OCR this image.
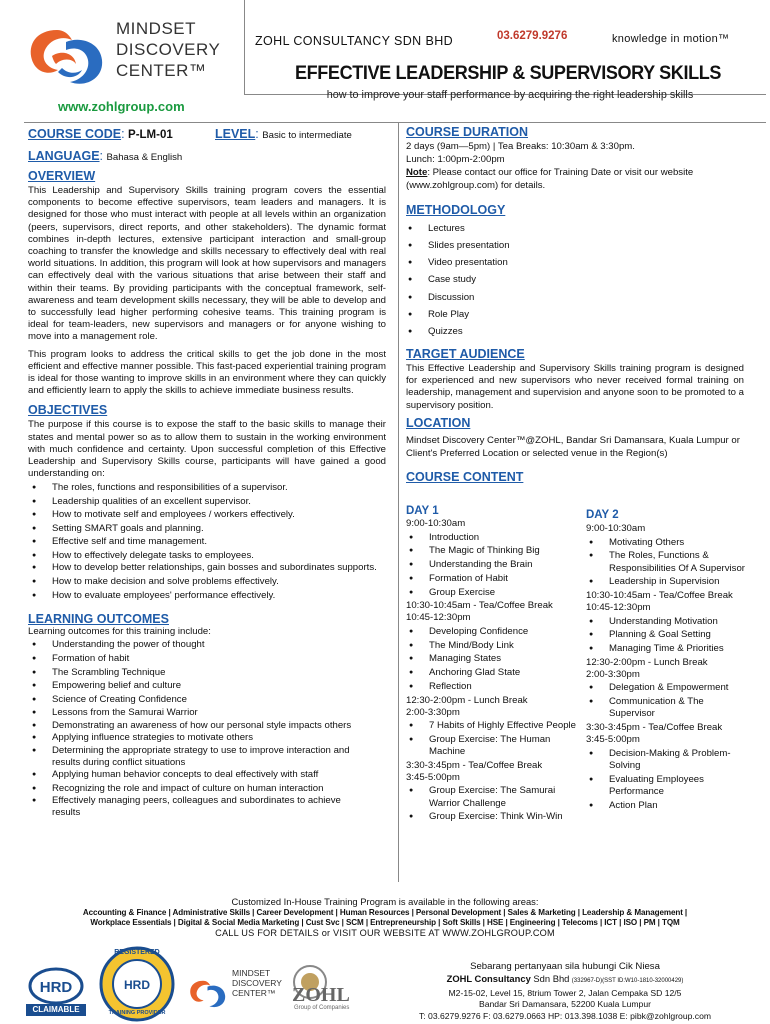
MINDSET
DISCOVERY
CENTER™
www.zohlgroup.com
ZOHL CONSULTANCY SDN BHD	03.6279.9276	knowledge in motion™
EFFECTIVE LEADERSHIP & SUPERVISORY SKILLS
how to improve your staff performance by acquiring the right leadership skills
COURSE CODE: P-LM-01	LEVEL: Basic to intermediate
LANGUAGE: Bahasa & English
OVERVIEW

This Leadership and Supervisory Skills training program covers the essential components to become effective supervisors, team leaders and managers. It is designed for those who must interact with people at all levels within an organization (peers, supervisors, direct reports, and other stakeholders). The dynamic format combines in-depth lectures, extensive participant interaction and small-group coaching to transfer the knowledge and skills necessary to effectively deal with real world situations. In addition, this program will look at how supervisors and managers can effectively deal with the various situations that arise between their staff and within their teams. By providing participants with the conceptual framework, self-awareness and team development skills necessary, they will be able to develop and to successfully lead higher performing cohesive teams. This training program is ideal for team-leaders, new supervisors and managers or for anyone wishing to move into a management role.

This program looks to address the critical skills to get the job done in the most efficient and effective manner possible. This fast-paced experiential training program is ideal for those wanting to improve skills in an environment where they can quickly and efficiently learn to apply the skills to achieve immediate business results.

OBJECTIVES

The purpose if this course is to expose the staff to the basic skills to manage their states and mental power so as to allow them to sustain in the working environment with much confidence and certainty. Upon successful completion of this Effective Leadership and Supervisory Skills course, participants will have gained a good understanding on:

● The roles, functions and responsibilities of a supervisor.
● Leadership qualities of an excellent supervisor.
● How to motivate self and employees / workers effectively.
● Setting SMART goals and planning.
● Effective self and time management.
● How to effectively delegate tasks to employees.
● How to develop better relationships, gain bosses and subordinates supports.
● How to make decision and solve problems effectively.
● How to evaluate employees' performance effectively.
LEARNING OUTCOMES

Learning outcomes for this training include:

● Understanding the power of thought
● Formation of habit
● The Scrambling Technique
● Empowering belief and culture
● Science of Creating Confidence
● Lessons from the Samurai Warrior
● Demonstrating an awareness of how our personal style impacts others
● Applying influence strategies to motivate others
● Determining the appropriate strategy to use to improve interaction and results during conflict situations
● Applying human behavior concepts to deal effectively with staff
● Recognizing the role and impact of culture on human interaction
● Effectively managing peers, colleagues and subordinates to achieve results
COURSE DURATION
2 days (9am—5pm) | Tea Breaks: 10:30am & 3:30pm.
Lunch: 1:00pm-2:00pm

Note: Please contact our office for Training Date or visit our website (www.zohlgroup.com) for details.

METHODOLOGY
● Lectures
● Slides presentation
● Video presentation
● Case study
● Discussion
● Role Play
● Quizzes
TARGET AUDIENCE

This Effective Leadership and Supervisory Skills training program is designed for experienced and new supervisors who never received formal training on leadership, management and supervision and anyone soon to be promoted to a supervisory position.

LOCATION

Mindset Discovery Center™@ZOHL, Bandar Sri Damansara, Kuala Lumpur or Client's Preferred Location or selected venue in the Region(s)

COURSE CONTENT
DAY 1
9:00-10:30am
Introduction
●
The Magic of Thinking Big
●
Understanding the Brain
●
Formation of Habit
●
Group Exercise
●
10:30-10:45am - Tea/Coffee Break
10:45-12:30pm
Developing Confidence
●
The Mind/Body Link
●
Managing States
●
Anchoring Glad State
●
Reflection
●
12:30-2:00pm - Lunch Break
2:00-3:30pm
7 Habits of Highly Effective People
●
Group Exercise: The Human Machine
●
3:30-3:45pm - Tea/Coffee Break
3:45-5:00pm
Group Exercise: The Samurai Warrior Challenge
●
Group Exercise: Think Win-Win
●
DAY 2
9:00-10:30am
Motivating Others
●
The Roles, Functions & Responsibilities Of A Supervisor
●
Leadership in Supervision
●
10:30-10:45am - Tea/Coffee Break
10:45-12:30pm
Understanding Motivation
●
Planning & Goal Setting
●
Managing Time & Priorities
●
12:30-2:00pm - Lunch Break
2:00-3:30pm
Delegation & Empowerment
●
Communication & The Supervisor
●
3:30-3:45pm - Tea/Coffee Break
3:45-5:00pm
Decision-Making & Problem-Solving
●
Evaluating Employees Performance
●
Action Plan
●
Customized In-House Training Program is available in the following areas:
Accounting & Finance | Administrative Skills | Career Development | Human Resources | Personal Development | Sales & Marketing | Leadership & Management |
Workplace Essentials | Digital & Social Media Marketing | Cust Svc | SCM | Entrepreneurship | Soft Skills | HSE | Engineering | Telecoms | ICT | ISO | PM | TQM
CALL US FOR DETAILS or VISIT OUR WEBSITE AT WWW.ZOHLGROUP.COM
HRD
CLAIMABLE
HRD
REGISTERED
TRAINING PROVIDER
MINDSET
DISCOVERY
CENTER™ ZOHL
Group of Companies
Sebarang pertanyaan sila hubungi Cik Niesa
ZOHL Consultancy Sdn Bhd (332967-D)(SST ID:W10-1810-32000429)
M2-15-02, Level 15, 8trium Tower 2, Jalan Cempaka SD 12/5
Bandar Sri Damansara, 52200 Kuala Lumpur
T: 03.6279.9276 F: 03.6279.0663 HP: 013.398.1038 E: pibk@zohlgroup.com
